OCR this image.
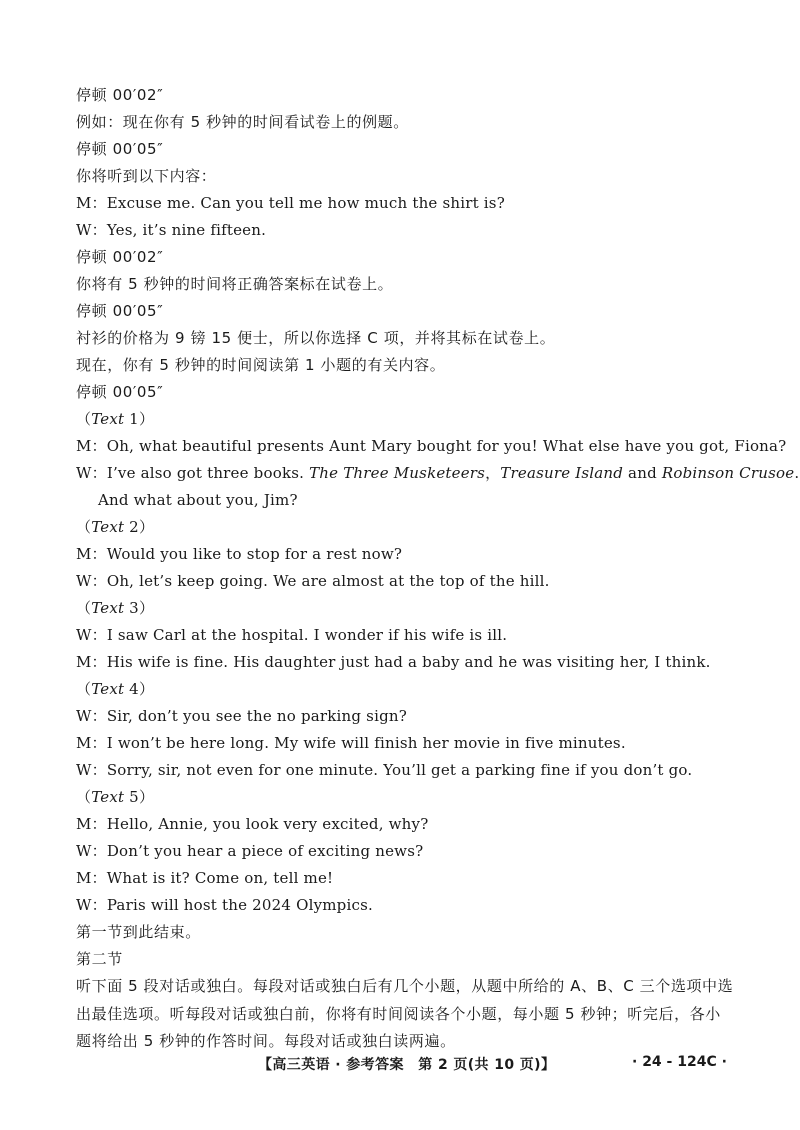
停顿 00′02″
例如：现在你有 5 秒钟的时间看试卷上的例题。
停顿 00′05″
你将听到以下内容：
M：Excuse me. Can you tell me how much the shirt is?
W：Yes, it’s nine fifteen.
停顿 00′02″
你将有 5 秒钟的时间将正确答案标在试卷上。
停顿 00′05″
衬衫的价格为 9 镑 15 便士，所以你选择 C 项，并将其标在试卷上。
现在，你有 5 秒钟的时间阅读第 1 小题的有关内容。
停顿 00′05″
（Text 1）
M：Oh, what beautiful presents Aunt Mary bought for you! What else have you got, Fiona?
W：I’ve also got three books. The Three Musketeers，Treasure Island and Robinson Crusoe.
And what about you, Jim?
（Text 2）
M：Would you like to stop for a rest now?
W：Oh, let’s keep going. We are almost at the top of the hill.
（Text 3）
W：I saw Carl at the hospital. I wonder if his wife is ill.
M：His wife is fine. His daughter just had a baby and he was visiting her, I think.
（Text 4）
W：Sir, don’t you see the no parking sign?
M：I won’t be here long. My wife will finish her movie in five minutes.
W：Sorry, sir, not even for one minute. You’ll get a parking fine if you don’t go.
（Text 5）
M：Hello, Annie, you look very excited, why?
W：Don’t you hear a piece of exciting news?
M：What is it? Come on, tell me!
W：Paris will host the 2024 Olympics.
第一节到此结束。
第二节
听下面 5 段对话或独白。每段对话或独白后有几个小题，从题中所给的 A、B、C 三个选项中选出最佳选项。听每段对话或独白前，你将有时间阅读各个小题，每小题 5 秒钟；听完后，各小题将给出 5 秒钟的作答时间。每段对话或独白读两遍。
【高三英语 · 参考答案　第 2 页(共 10 页)】	· 24 - 124C ·
